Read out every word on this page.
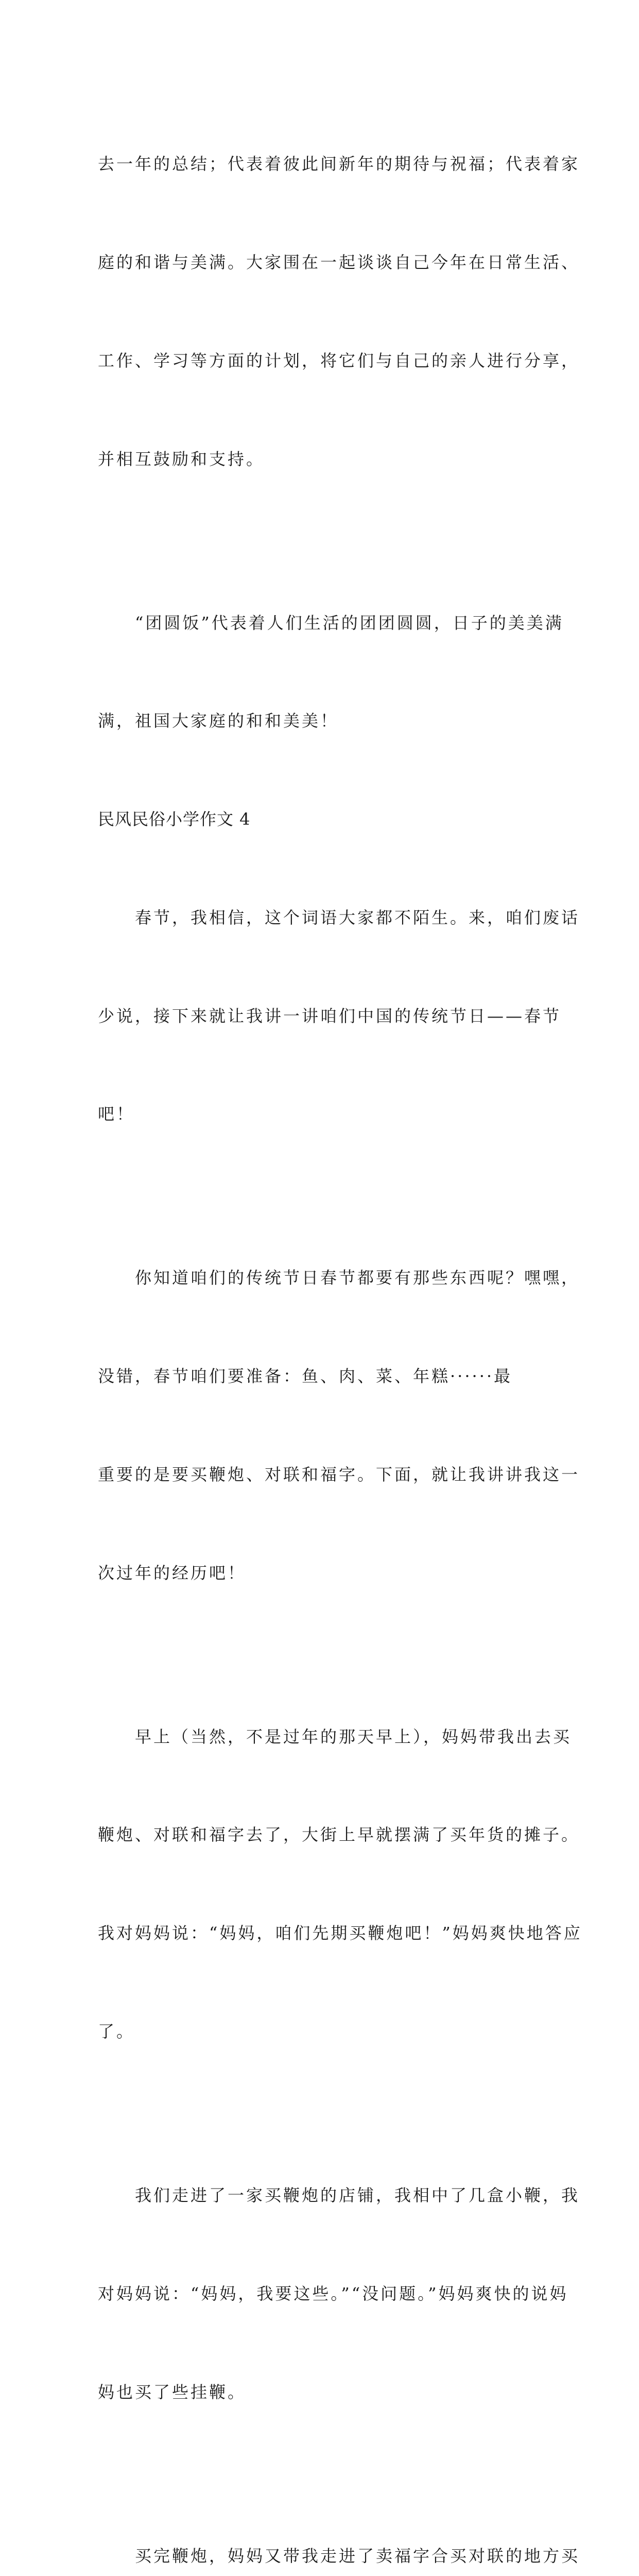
去一年的总结；代表着彼此间新年的期待与祝福；代表着家

庭的和谐与美满。大家围在一起谈谈自己今年在日常生活、

工作、学习等方面的计划，将它们与自己的亲人进行分享，

并相互鼓励和支持。

“团圆饭”代表着人们生活的团团圆圆，日子的美美满

满，祖国大家庭的和和美美！

民风民俗小学作文 4

春节，我相信，这个词语大家都不陌生。来，咱们废话

少说，接下来就让我讲一讲咱们中国的传统节日——春节

吧！

你知道咱们的传统节日春节都要有那些东西呢？嘿嘿，

没错，春节咱们要准备：鱼、肉、菜、年糕······最

重要的是要买鞭炮、对联和福字。下面，就让我讲讲我这一

次过年的经历吧！

早上（当然，不是过年的那天早上），妈妈带我出去买

鞭炮、对联和福字去了，大街上早就摆满了买年货的摊子。

我对妈妈说：“妈妈，咱们先期买鞭炮吧！”妈妈爽快地答应

了。

我们走进了一家买鞭炮的店铺，我相中了几盒小鞭，我

对妈妈说：“妈妈，我要这些。”“没问题。”妈妈爽快的说妈

妈也买了些挂鞭。

买完鞭炮，妈妈又带我走进了卖福字合买对联的地方买
